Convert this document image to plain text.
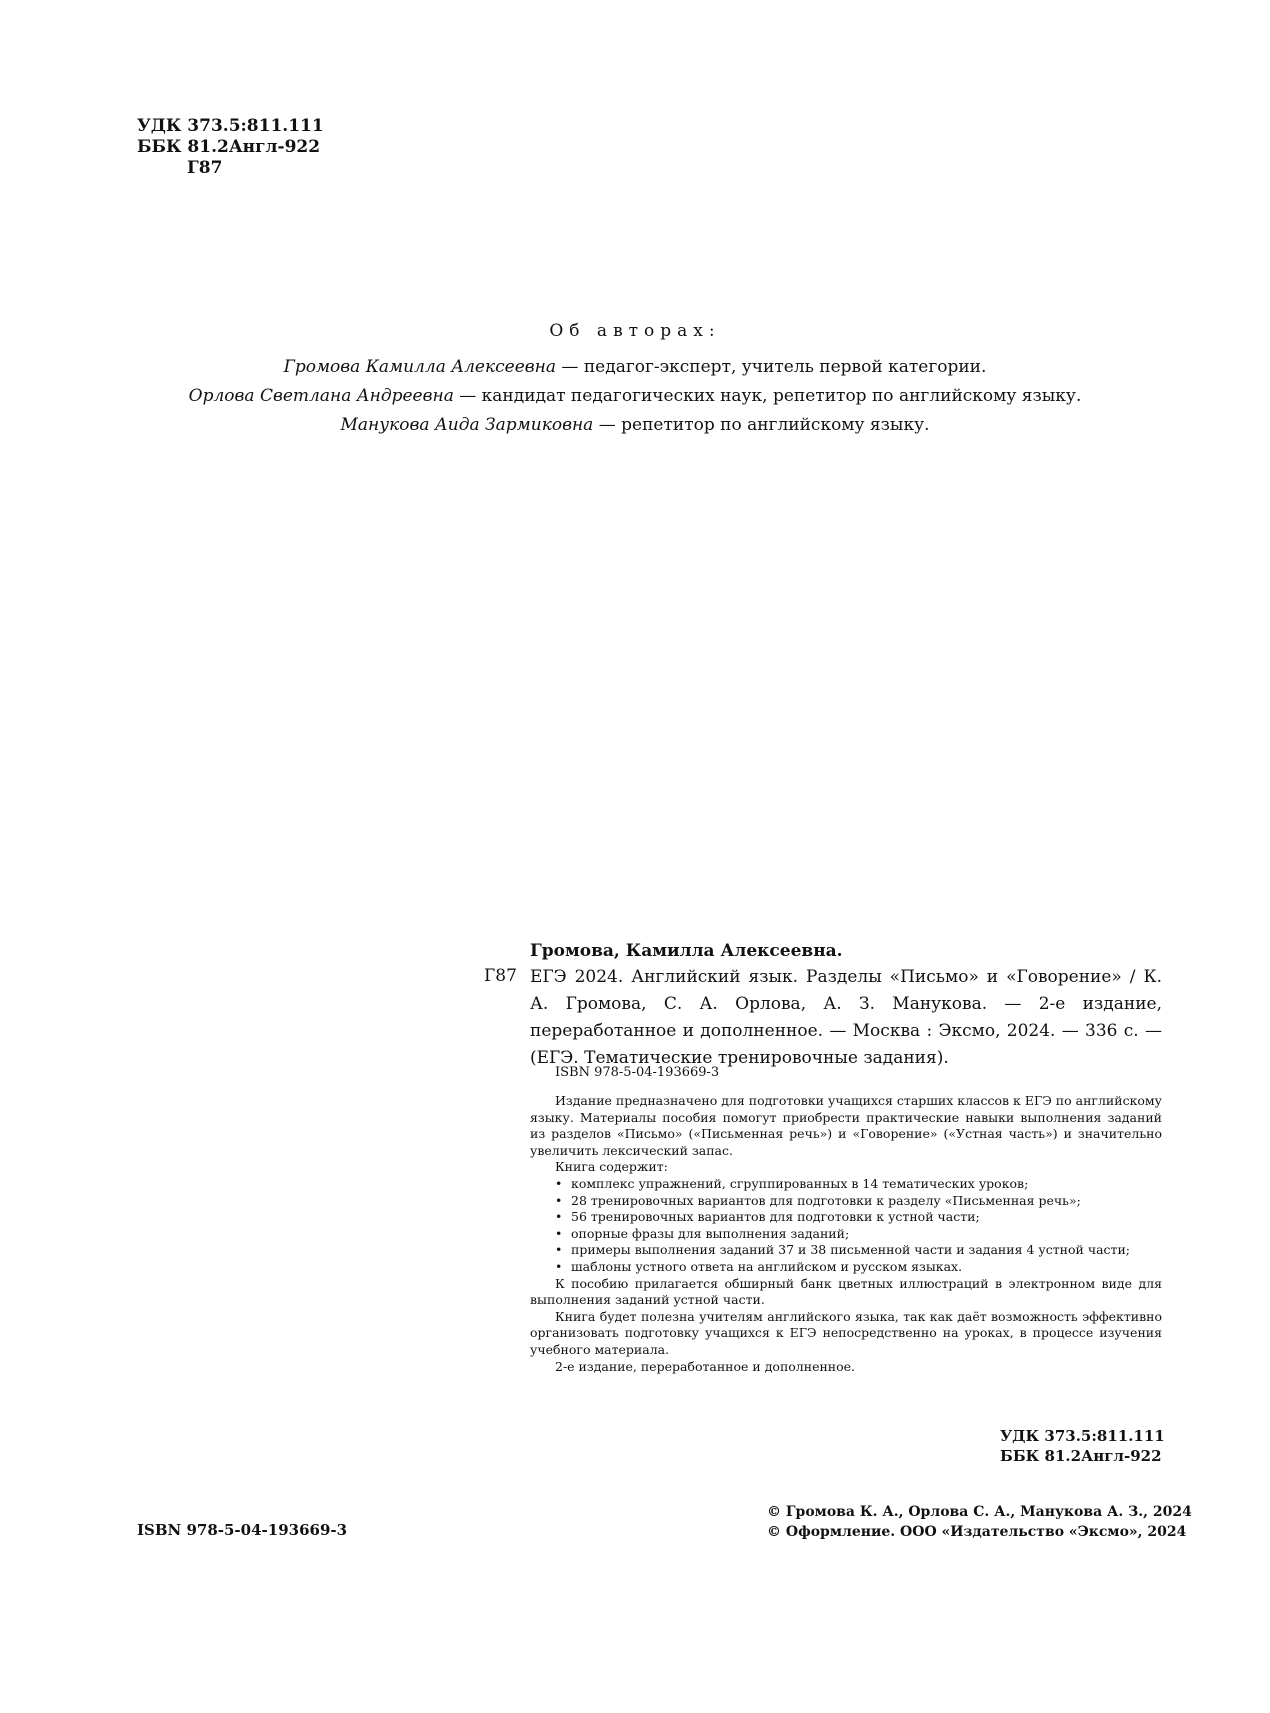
УДК 373.5:811.111
ББК 81.2Англ-922
Г87
Об авторах:
Громова Камилла Алексеевна — педагог-эксперт, учитель первой категории.
Орлова Светлана Андреевна — кандидат педагогических наук, репетитор по английскому языку.
Манукова Аида Зармиковна — репетитор по английскому языку.
Громова, Камилла Алексеевна.
Г87 ЕГЭ 2024. Английский язык. Разделы «Письмо» и «Говорение» / К. А. Громова, С. А. Орлова, А. З. Манукова. — 2-е издание, переработанное и дополненное. — Москва : Эксмо, 2024. — 336 с. — (ЕГЭ. Тематические тренировочные задания).
ISBN 978-5-04-193669-3

Издание предназначено для подготовки учащихся старших классов к ЕГЭ по английскому языку. Материалы пособия помогут приобрести практические навыки выполнения заданий из разделов «Письмо» («Письменная речь») и «Говорение» («Устная часть») и значительно увеличить лексический запас.

Книга содержит:

• комплекс упражнений, сгруппированных в 14 тематических уроков;
• 28 тренировочных вариантов для подготовки к разделу «Письменная речь»;
• 56 тренировочных вариантов для подготовки к устной части;
• опорные фразы для выполнения заданий;
• примеры выполнения заданий 37 и 38 письменной части и задания 4 устной части;
• шаблоны устного ответа на английском и русском языках.

К пособию прилагается обширный банк цветных иллюстраций в электронном виде для выполнения заданий устной части.

Книга будет полезна учителям английского языка, так как даёт возможность эффективно организовать подготовку учащихся к ЕГЭ непосредственно на уроках, в процессе изучения учебного материала.

2-е издание, переработанное и дополненное.

УДК 373.5:811.111
ББК 81.2Англ-922
ISBN 978-5-04-193669-3
© Громова К. А., Орлова С. А., Манукова А. З., 2024
© Оформление. ООО «Издательство «Эксмо», 2024
